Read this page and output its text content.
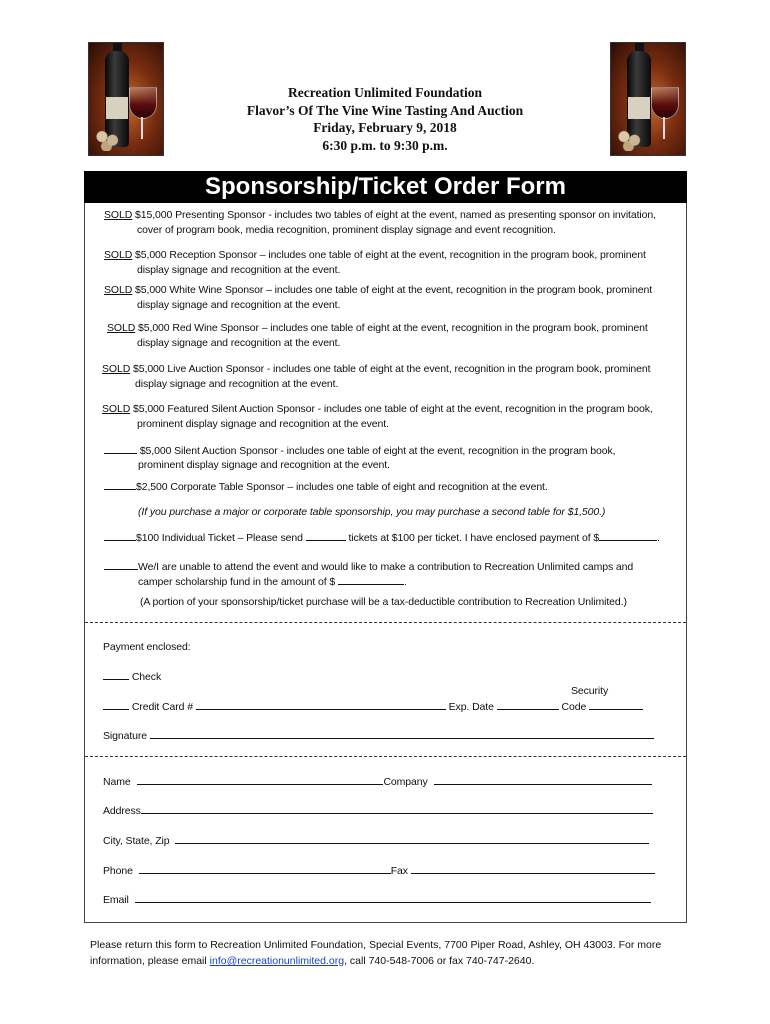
Recreation Unlimited Foundation
Flavor’s Of The Vine Wine Tasting And Auction
Friday, February 9, 2018
6:30 p.m. to 9:30 p.m.
Sponsorship/Ticket Order Form
SOLD $15,000 Presenting Sponsor - includes two tables of eight at the event, named as presenting sponsor on invitation,
cover of program book, media recognition, prominent display signage and event recognition.
SOLD $5,000 Reception Sponsor – includes one table of eight at the event, recognition in the program book, prominent
display signage and recognition at the event.
SOLD $5,000 White Wine Sponsor – includes one table of eight at the event, recognition in the program book, prominent
display signage and recognition at the event.
SOLD $5,000 Red Wine Sponsor – includes one table of eight at the event, recognition in the program book, prominent
display signage and recognition at the event.
SOLD $5,000 Live Auction Sponsor - includes one table of eight at the event, recognition in the program book, prominent
display signage and recognition at the event.
SOLD $5,000 Featured Silent Auction Sponsor - includes one table of eight at the event, recognition in the program book,
prominent display signage and recognition at the event.
$5,000 Silent Auction Sponsor - includes one table of eight at the event, recognition in the program book,
prominent display signage and recognition at the event.
$2,500 Corporate Table Sponsor – includes one table of eight and recognition at the event.
(If you purchase a major or corporate table sponsorship, you may purchase a second table for $1,500.)
$100 Individual Ticket – Please send	tickets at $100 per ticket. I have enclosed payment of $	.
We/I are unable to attend the event and would like to make a contribution to Recreation Unlimited camps and
camper scholarship fund in the amount of $	.
(A portion of your sponsorship/ticket purchase will be a tax-deductible contribution to Recreation Unlimited.)
Payment enclosed:
Check
Security
Credit Card #	Exp. Date	Code
Signature
Name	Company
Address
City, State, Zip
Phone	Fax
Email
Please return this form to Recreation Unlimited Foundation, Special Events, 7700 Piper Road, Ashley, OH 43003. For more
information, please email info@recreationunlimited.org, call 740-548-7006 or fax 740-747-2640.
